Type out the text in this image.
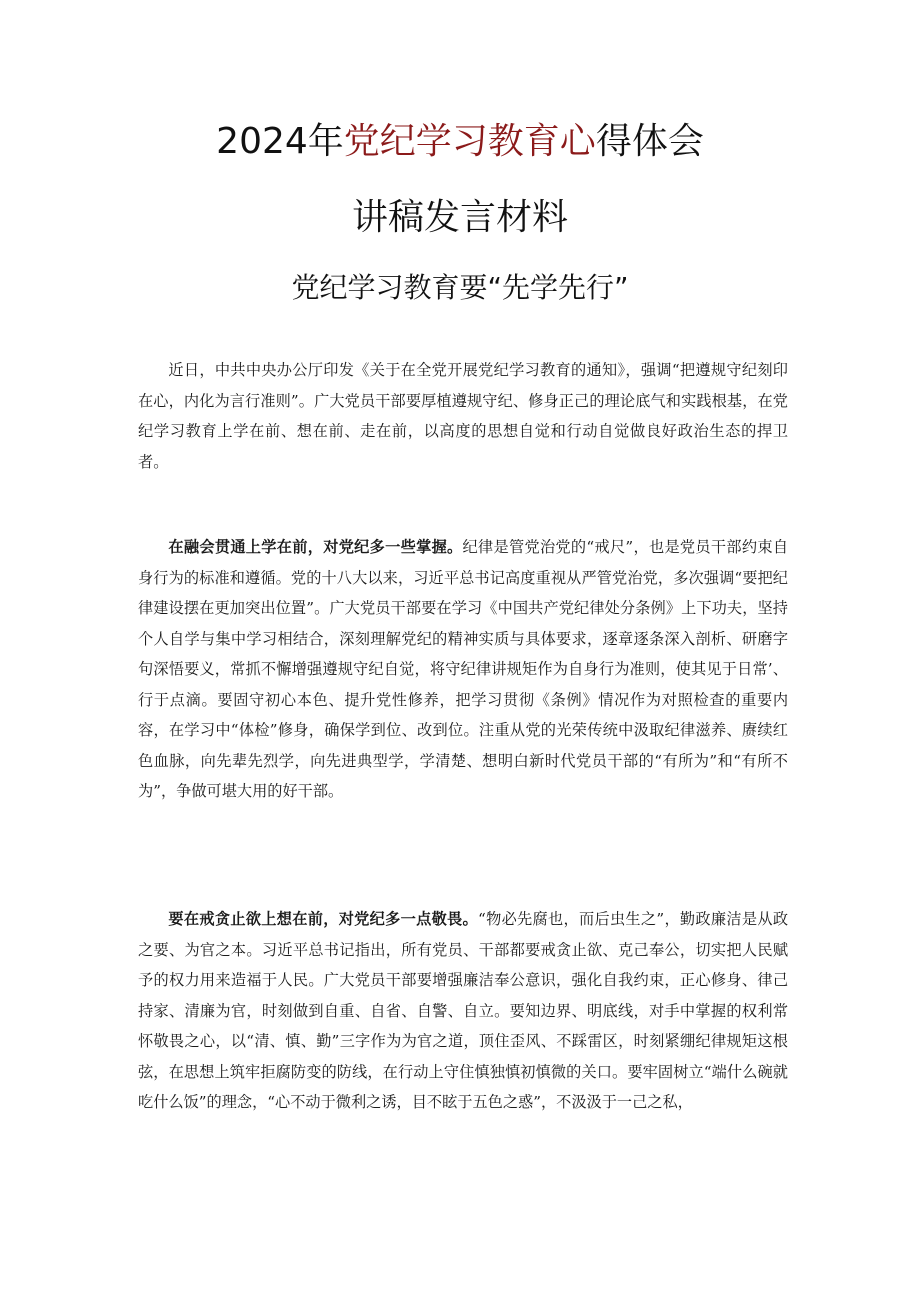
2024年党纪学习教育心得体会
讲稿发言材料
党纪学习教育要“先学先行”

近日，中共中央办公厅印发《关于在全党开展党纪学习教育的通知》，强调“把遵规守纪刻印在心，内化为言行准则”。广大党员干部要厚植遵规守纪、修身正己的理论底气和实践根基，在党纪学习教育上学在前、想在前、走在前，以高度的思想自觉和行动自觉做良好政治生态的捍卫者。

在融会贯通上学在前，对党纪多一些掌握。纪律是管党治党的“戒尺”，也是党员干部约束自身行为的标准和遵循。党的十八大以来，习近平总书记高度重视从严管党治党，多次强调“要把纪律建设摆在更加突出位置”。广大党员干部要在学习《中国共产党纪律处分条例》上下功夫，坚持个人自学与集中学习相结合，深刻理解党纪的精神实质与具体要求，逐章逐条深入剖析、研磨字句深悟要义，常抓不懈增强遵规守纪自觉，将守纪律讲规矩作为自身行为准则，使其见于日常’、行于点滴。要固守初心本色、提升党性修养，把学习贯彻《条例》情况作为对照检查的重要内容，在学习中“体检”修身，确保学到位、改到位。注重从党的光荣传统中汲取纪律滋养、赓续红色血脉，向先辈先烈学，向先进典型学，学清楚、想明白新时代党员干部的“有所为”和“有所不为”，争做可堪大用的好干部。

要在戒贪止欲上想在前，对党纪多一点敬畏。“物必先腐也，而后虫生之”，勤政廉洁是从政之要、为官之本。习近平总书记指出，所有党员、干部都要戒贪止欲、克己奉公，切实把人民赋予的权力用来造福于人民。广大党员干部要增强廉洁奉公意识，强化自我约束，正心修身、律己持家、清廉为官，时刻做到自重、自省、自警、自立。要知边界、明底线，对手中掌握的权利常怀敬畏之心，以“清、慎、勤”三字作为为官之道，顶住歪风、不踩雷区，时刻紧绷纪律规矩这根弦，在思想上筑牢拒腐防变的防线，在行动上守住慎独慎初慎微的关口。要牢固树立“端什么碗就吃什么饭”的理念，“心不动于微利之诱，目不眩于五色之惑”，不汲汲于一己之私，
